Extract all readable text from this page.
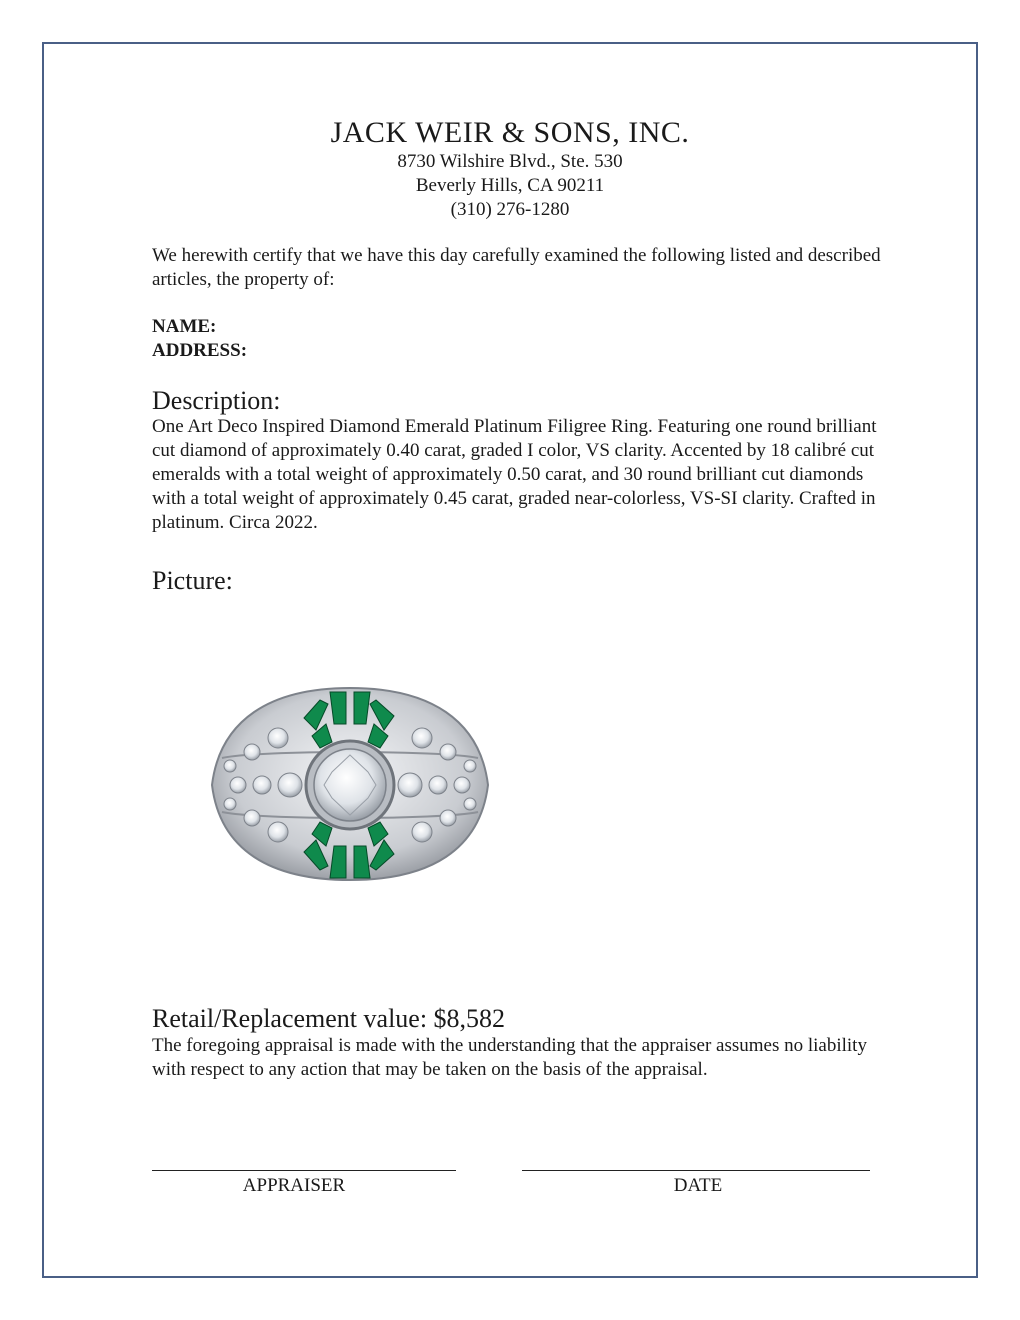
JACK WEIR & SONS, INC.
8730 Wilshire Blvd., Ste. 530
Beverly Hills, CA 90211
(310) 276-1280
We herewith certify that we have this day carefully examined the following listed and described articles, the property of:
NAME:
ADDRESS:
Description:
One Art Deco Inspired Diamond Emerald Platinum Filigree Ring. Featuring one round brilliant cut diamond of approximately 0.40 carat, graded I color, VS clarity. Accented by 18 calibré cut emeralds with a total weight of approximately 0.50 carat, and 30 round brilliant cut diamonds with a total weight of approximately 0.45 carat, graded near-colorless, VS-SI clarity. Crafted in platinum. Circa 2022.
Picture:
Retail/Replacement value: $8,582
The foregoing appraisal is made with the understanding that the appraiser assumes no liability with respect to any action that may be taken on the basis of the appraisal.
APPRAISER	DATE
